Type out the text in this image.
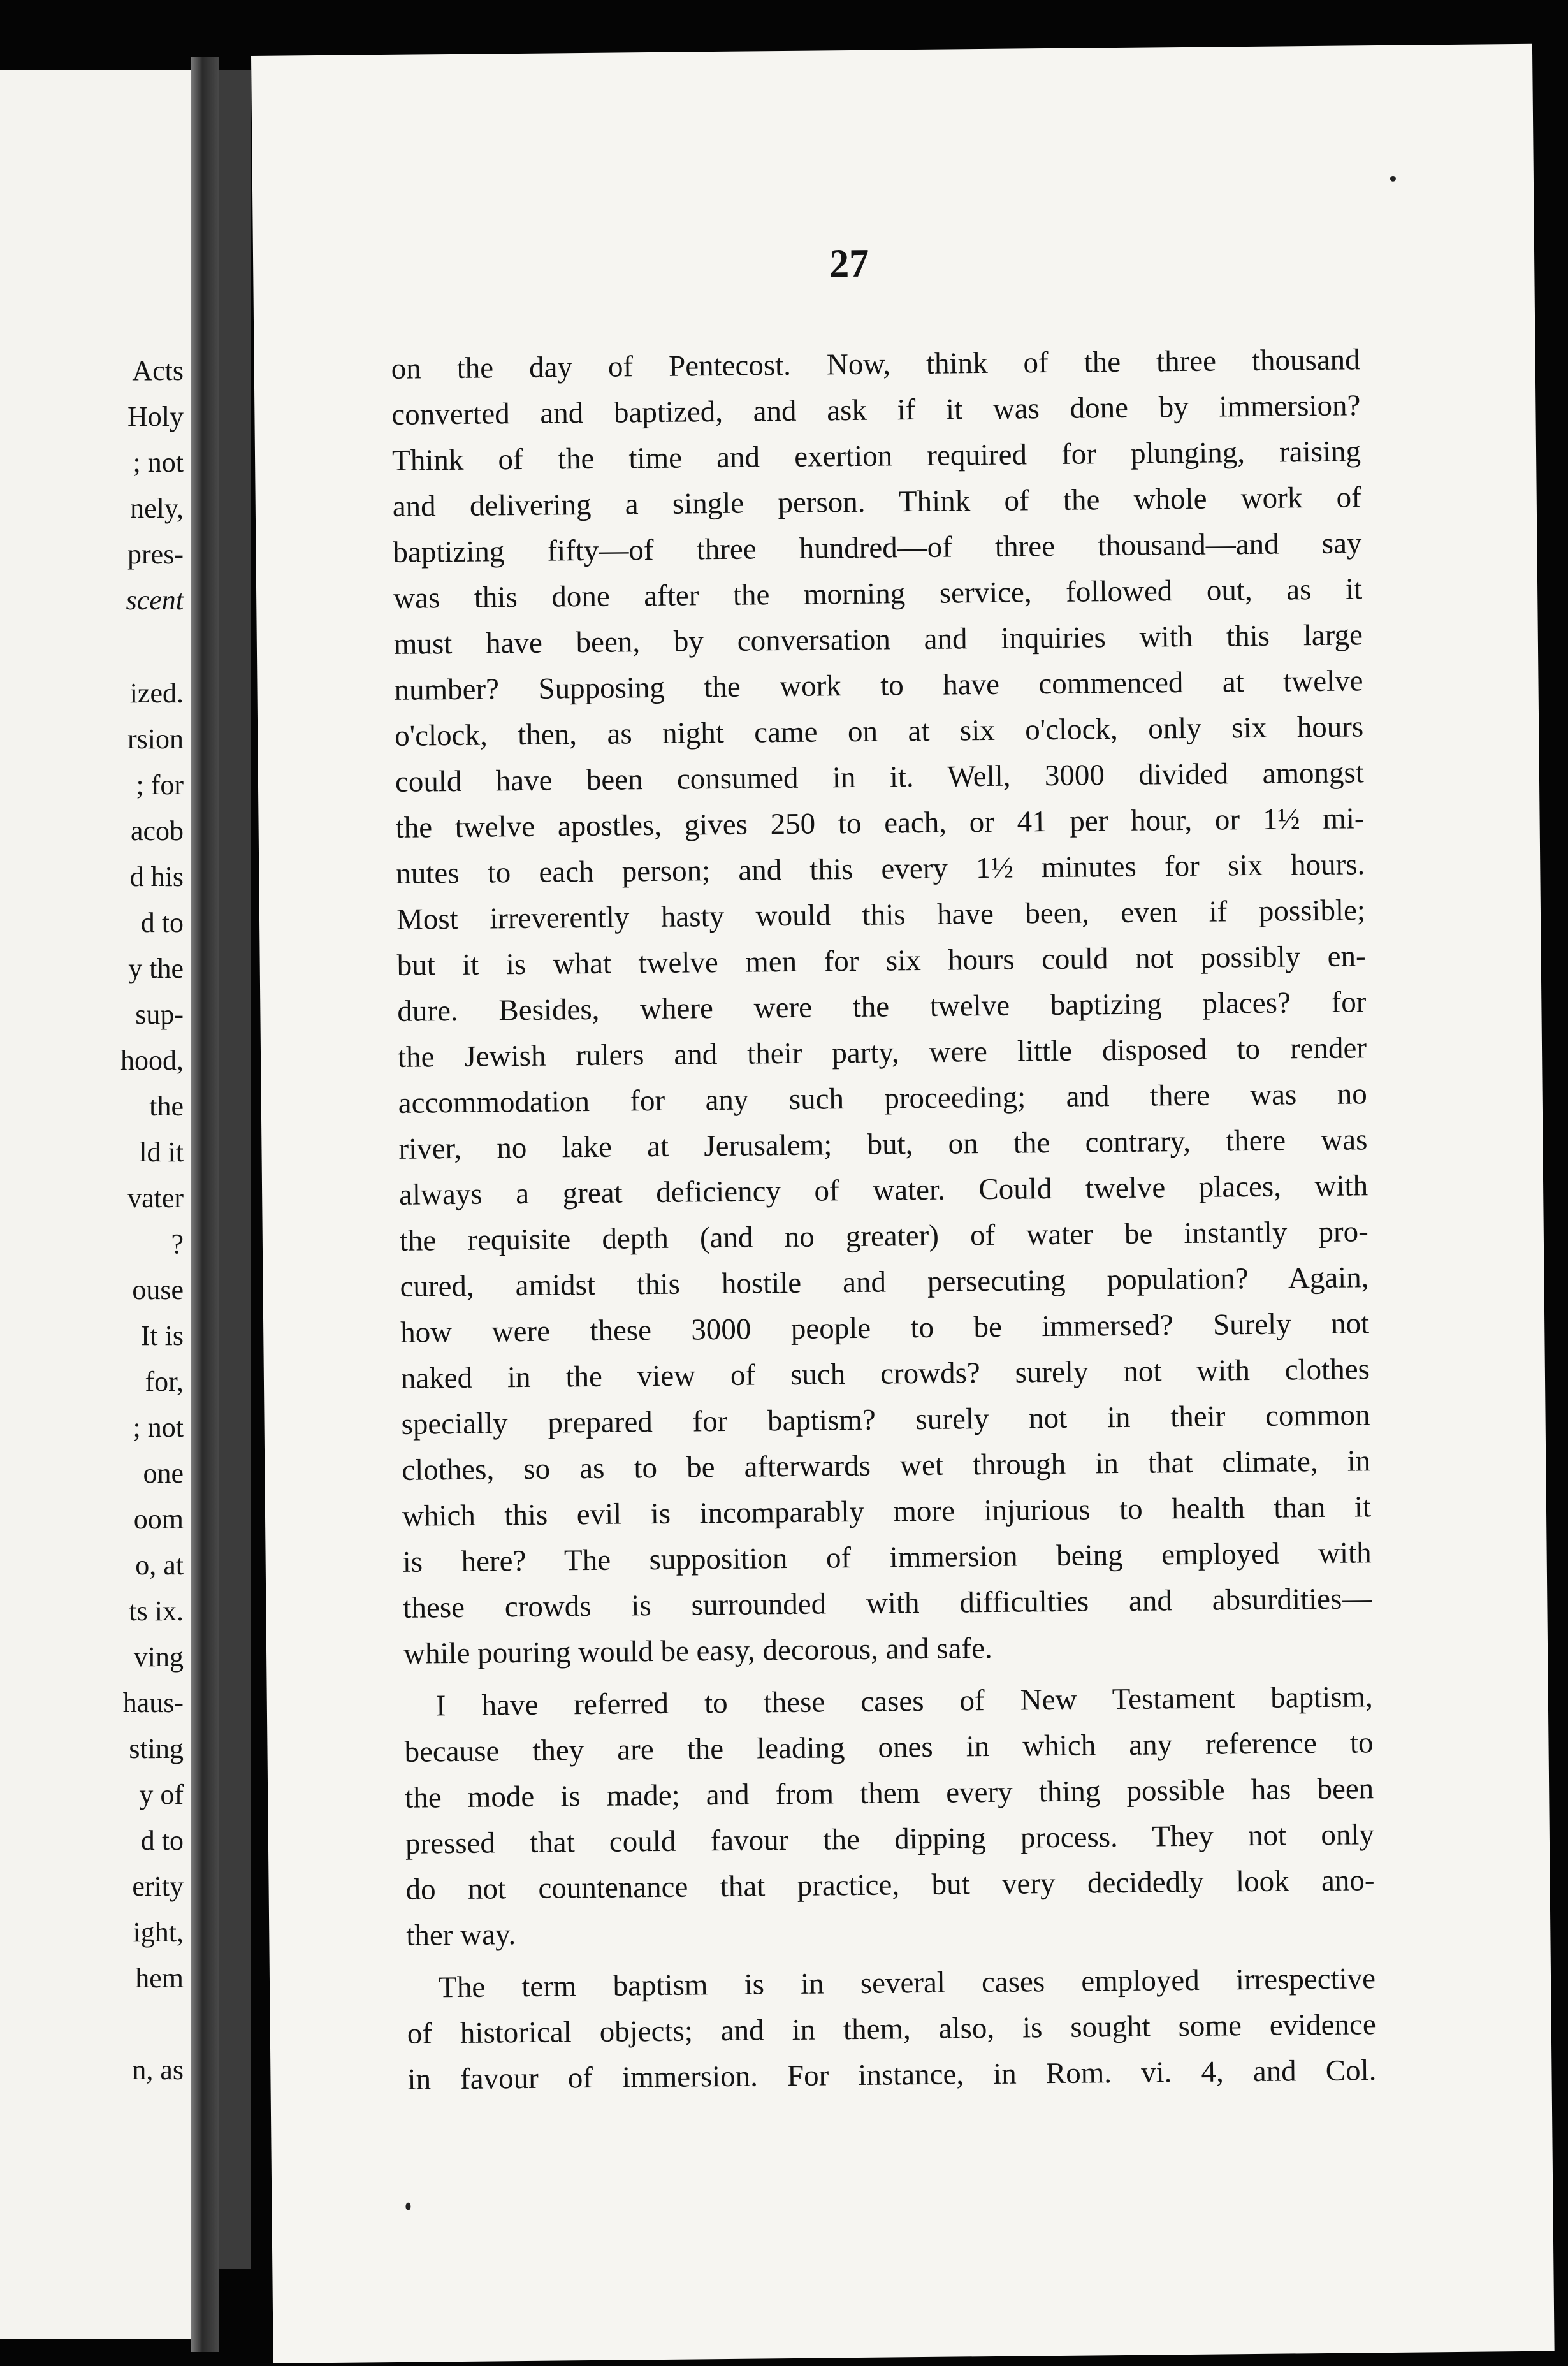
Acts
Holy
; not
nely,
pres-
scent
ized.
rsion
; for
acob
d his
d to
y the
sup-
hood,
the
ld it
vater
?
ouse
It is
for,
; not
one
oom
o, at
ts ix.
ving
haus-
sting
y of
d to
erity
ight,
hem
n, as
27
on the day of Pentecost. Now, think of the three thousand
converted and baptized, and ask if it was done by immersion?
Think of the time and exertion required for plunging, raising
and delivering a single person. Think of the whole work of
baptizing fifty—of three hundred—of three thousand—and say
was this done after the morning service, followed out, as it
must have been, by conversation and inquiries with this large
number? Supposing the work to have commenced at twelve
o'clock, then, as night came on at six o'clock, only six hours
could have been consumed in it. Well, 3000 divided amongst
the twelve apostles, gives 250 to each, or 41 per hour, or 1½ mi-
nutes to each person; and this every 1½ minutes for six hours.
Most irreverently hasty would this have been, even if possible;
but it is what twelve men for six hours could not possibly en-
dure. Besides, where were the twelve baptizing places? for
the Jewish rulers and their party, were little disposed to render
accommodation for any such proceeding; and there was no
river, no lake at Jerusalem; but, on the contrary, there was
always a great deficiency of water. Could twelve places, with
the requisite depth (and no greater) of water be instantly pro-
cured, amidst this hostile and persecuting population? Again,
how were these 3000 people to be immersed? Surely not
naked in the view of such crowds? surely not with clothes
specially prepared for baptism? surely not in their common
clothes, so as to be afterwards wet through in that climate, in
which this evil is incomparably more injurious to health than it
is here? The supposition of immersion being employed with
these crowds is surrounded with difficulties and absurdities—
while pouring would be easy, decorous, and safe.
I have referred to these cases of New Testament baptism,
because they are the leading ones in which any reference to
the mode is made; and from them every thing possible has been
pressed that could favour the dipping process. They not only
do not countenance that practice, but very decidedly look ano-
ther way.
The term baptism is in several cases employed irrespective
of historical objects; and in them, also, is sought some evidence
in favour of immersion. For instance, in Rom. vi. 4, and Col.
